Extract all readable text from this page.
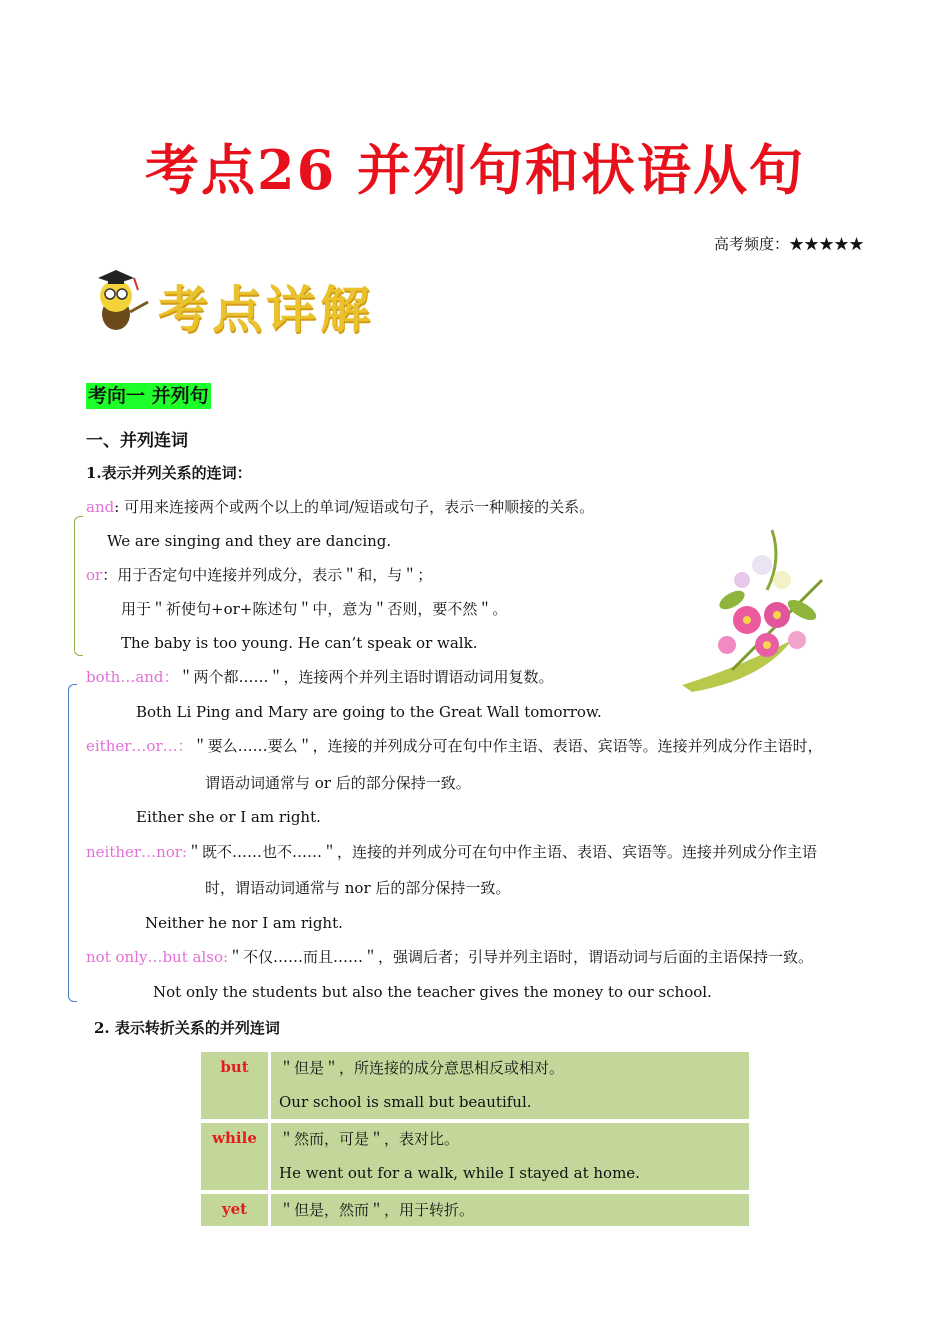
考点26 并列句和状语从句
高考频度：★★★★★
考点详解
考向一 并列句
一、并列连词
1.表示并列关系的连词：
and: 可用来连接两个或两个以上的单词/短语或句子，表示一种顺接的关系。
We are singing and they are dancing.
or：用于否定句中连接并列成分，表示＂和，与＂；
用于＂祈使句+or+陈述句＂中，意为＂否则，要不然＂。
The baby is too young. He can’t speak or walk.
both…and：＂两个都……＂，连接两个并列主语时谓语动词用复数。
Both Li Ping and Mary are going to the Great Wall tomorrow.
either…or…：＂要么……要么＂，连接的并列成分可在句中作主语、表语、宾语等。连接并列成分作主语时，
谓语动词通常与 or 后的部分保持一致。
Either she or I am right.
neither…nor:＂既不……也不……＂，连接的并列成分可在句中作主语、表语、宾语等。连接并列成分作主语
时，谓语动词通常与 nor 后的部分保持一致。
Neither he nor I am right.
not only…but also:＂不仅……而且……＂，强调后者；引导并列主语时，谓语动词与后面的主语保持一致。
Not only the students but also the teacher gives the money to our school.
2. 表示转折关系的并列连词
but	＂但是＂，所连接的成分意思相反或相对。

Our school is small but beautiful.

while	＂然而，可是＂，表对比。

He went out for a walk, while I stayed at home.

yet	＂但是，然而＂，用于转折。
